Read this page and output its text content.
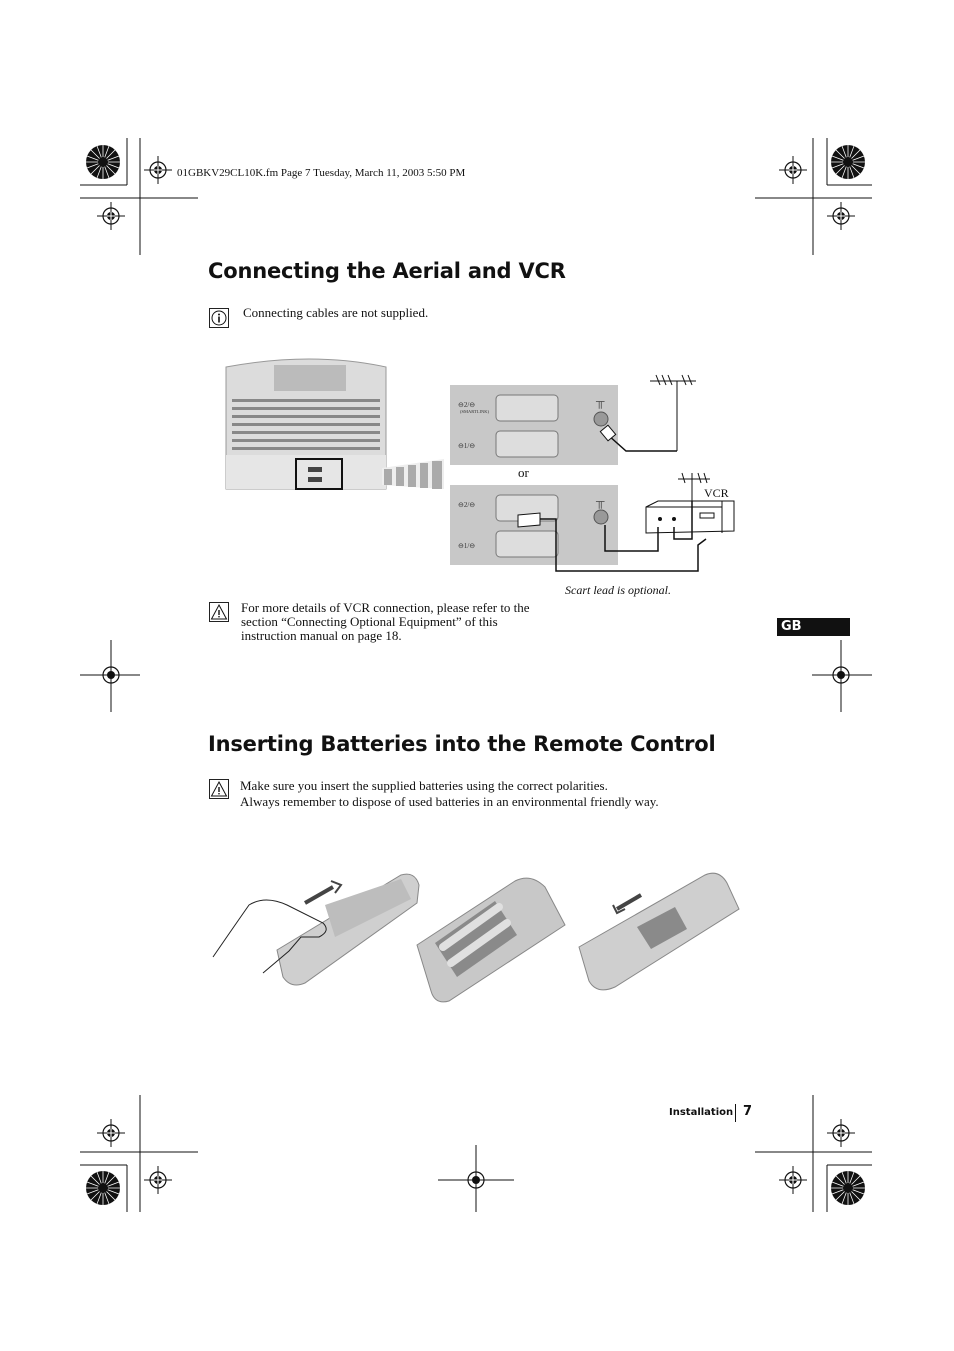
01GBKV29CL10K.fm Page 7 Tuesday, March 11, 2003 5:50 PM
Connecting the Aerial and VCR
Connecting cables are not supplied.
⊖2/⊖
(SMARTLINK)
⊖1/⊖
╥
or
⊖2/⊖
⊖1/⊖
╥
VCR
Scart lead is optional.
For more details of VCR connection, please refer to the
section “Connecting Optional Equipment” of this
instruction manual on page 18.
GB
Inserting Batteries into the Remote Control
Make sure you insert the supplied batteries using the correct polarities.
Always remember to dispose of used batteries in an environmental friendly way.
Installation 7
